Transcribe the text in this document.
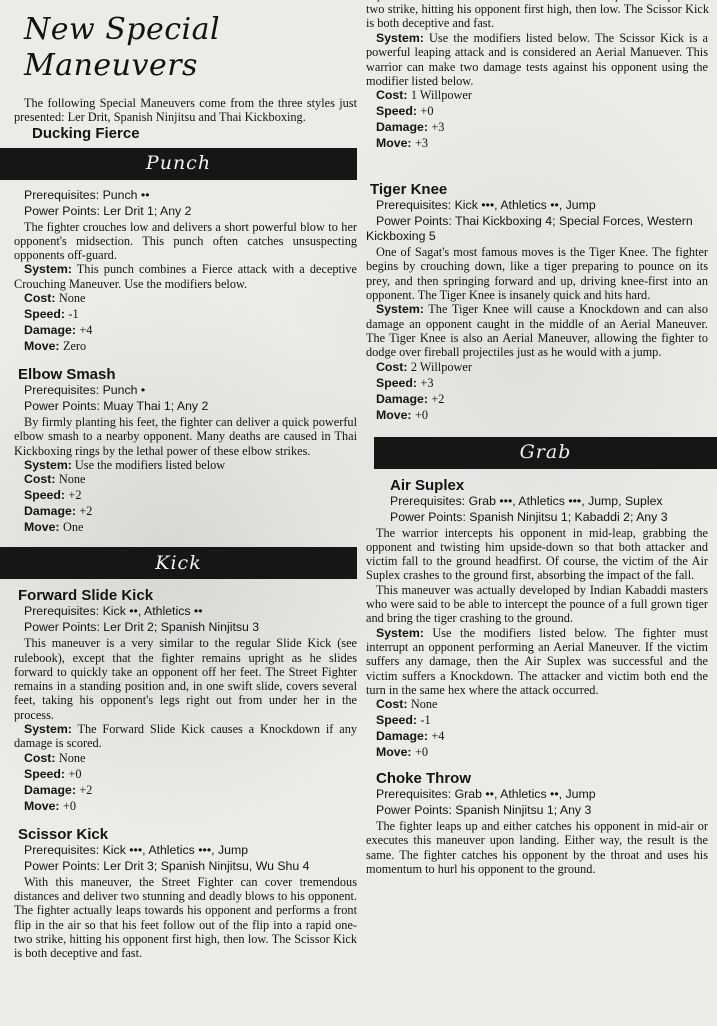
New Special Maneuvers

The following Special Maneuvers come from the three styles just presented: Ler Drit, Spanish Ninjitsu and Thai Kickboxing.

Ducking Fierce
Punch
Prerequisites: Punch ••
Power Points: Ler Drit 1; Any 2

The fighter crouches low and delivers a short powerful blow to her opponent's midsection. This punch often catches unsuspecting opponents off-guard.

System: This punch combines a Fierce attack with a deceptive Crouching Maneuver. Use the modifiers below.

Cost: None
Speed: -1
Damage: +4
Move: Zero
Elbow Smash
Prerequisites: Punch •
Power Points: Muay Thai 1; Any 2

By firmly planting his feet, the fighter can deliver a quick powerful elbow smash to a nearby opponent. Many deaths are caused in Thai Kickboxing rings by the lethal power of these elbow strikes.

System: Use the modifiers listed below

Cost: None
Speed: +2
Damage: +2
Move: One
Kick
Forward Slide Kick
Prerequisites: Kick ••, Athletics ••
Power Points: Ler Drit 2; Spanish Ninjitsu 3

This maneuver is a very similar to the regular Slide Kick (see rulebook), except that the fighter remains upright as he slides forward to quickly take an opponent off her feet. The Street Fighter remains in a standing position and, in one swift slide, covers several feet, taking his opponent's legs right out from under her in the process.

System: The Forward Slide Kick causes a Knockdown if any damage is scored.

Cost: None
Speed: +0
Damage: +2
Move: +0
Scissor Kick
Prerequisites: Kick •••, Athletics •••, Jump
Power Points: Ler Drit 3; Spanish Ninjitsu, Wu Shu 4

With this maneuver, the Street Fighter can cover tremendous distances and deliver two stunning and deadly blows to his opponent. The fighter actually leaps towards his opponent and performs a front flip in the air so that his feet follow out of the flip into a rapid one-two strike, hitting his opponent first high, then low. The Scissor Kick is both deceptive and fast.

two strike, hitting his opponent first high, then low. The Scissor Kick is both deceptive and fast.

System: Use the modifiers listed below. The Scissor Kick is a powerful leaping attack and is considered an Aerial Manuever. This warrior can make two damage tests against his opponent using the modifier listed below.

Cost: 1 Willpower
Speed: +0
Damage: +3
Move: +3
Tiger Knee
Prerequisites: Kick •••, Athletics ••, Jump
Power Points: Thai Kickboxing 4; Special Forces, Western Kickboxing 5

One of Sagat's most famous moves is the Tiger Knee. The fighter begins by crouching down, like a tiger preparing to pounce on its prey, and then springing forward and up, driving knee-first into an opponent. The Tiger Knee is insanely quick and hits hard.

System: The Tiger Knee will cause a Knockdown and can also damage an opponent caught in the middle of an Aerial Maneuver. The Tiger Knee is also an Aerial Maneuver, allowing the fighter to dodge over fireball projectiles just as he would with a jump.

Cost: 2 Willpower
Speed: +3
Damage: +2
Move: +0
Grab
Air Suplex
Prerequisites: Grab •••, Athletics •••, Jump, Suplex
Power Points: Spanish Ninjitsu 1; Kabaddi 2; Any 3

The warrior intercepts his opponent in mid-leap, grabbing the opponent and twisting him upside-down so that both attacker and victim fall to the ground headfirst. Of course, the victim of the Air Suplex crashes to the ground first, absorbing the impact of the fall.

This maneuver was actually developed by Indian Kabaddi masters who were said to be able to intercept the pounce of a full grown tiger and bring the tiger crashing to the ground.

System: Use the modifiers listed below. The fighter must interrupt an opponent performing an Aerial Maneuver. If the victim suffers any damage, then the Air Suplex was successful and the victim suffers a Knockdown. The attacker and victim both end the turn in the same hex where the attack occurred.

Cost: None
Speed: -1
Damage: +4
Move: +0
Choke Throw
Prerequisites: Grab ••, Athletics ••, Jump
Power Points: Spanish Ninjitsu 1; Any 3

The fighter leaps up and either catches his opponent in mid-air or executes this maneuver upon landing. Either way, the result is the same. The fighter catches his opponent by the throat and uses his momentum to hurl his opponent to the ground.
